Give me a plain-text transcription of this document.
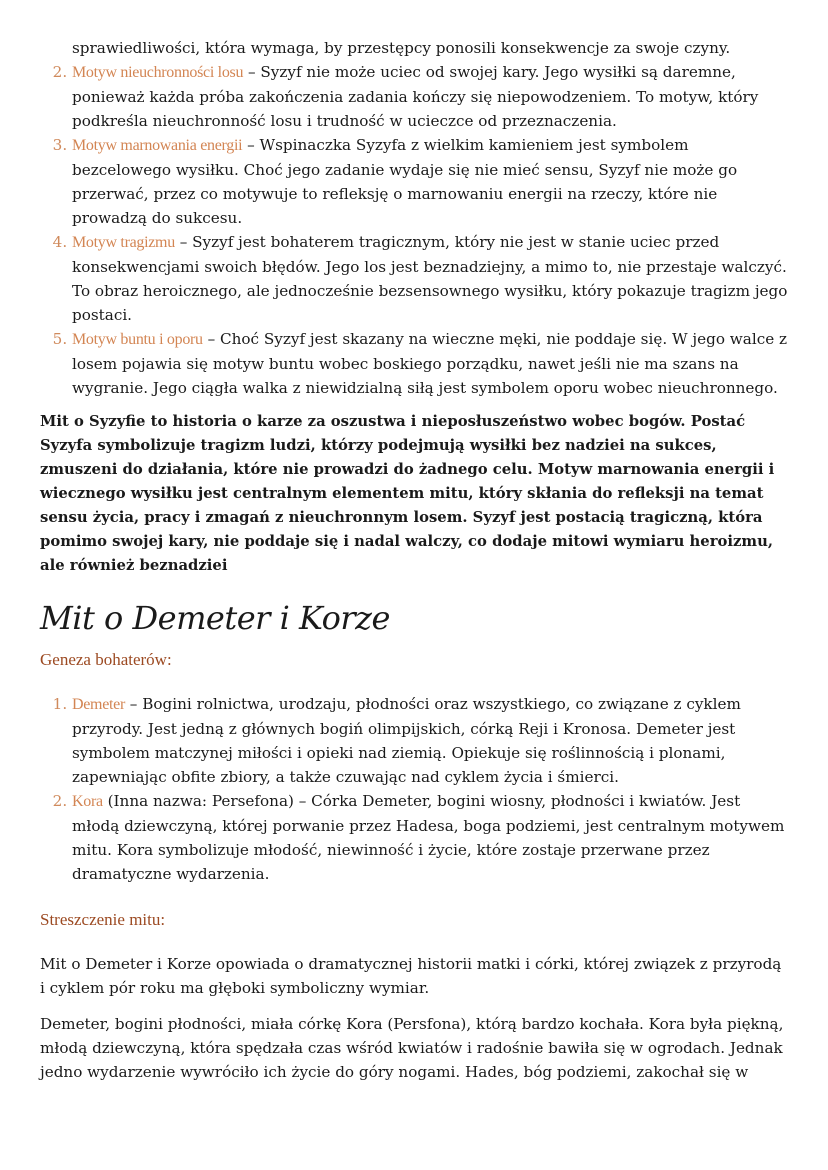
sprawiedliwości, która wymaga, by przestępcy ponosili konsekwencje za swoje czyny.

2. Motyw nieuchronności losu – Syzyf nie może uciec od swojej kary. Jego wysiłki są daremne, ponieważ każda próba zakończenia zadania kończy się niepowodzeniem. To motyw, który podkreśla nieuchronność losu i trudność w ucieczce od przeznaczenia.
3. Motyw marnowania energii – Wspinaczka Syzyfa z wielkim kamieniem jest symbolem bezcelowego wysiłku. Choć jego zadanie wydaje się nie mieć sensu, Syzyf nie może go przerwać, przez co motywuje to refleksję o marnowaniu energii na rzeczy, które nie prowadzą do sukcesu.
4. Motyw tragizmu – Syzyf jest bohaterem tragicznym, który nie jest w stanie uciec przed konsekwencjami swoich błędów. Jego los jest beznadziejny, a mimo to, nie przestaje walczyć. To obraz heroicznego, ale jednocześnie bezsensownego wysiłku, który pokazuje tragizm jego postaci.
5. Motyw buntu i oporu – Choć Syzyf jest skazany na wieczne męki, nie poddaje się. W jego walce z losem pojawia się motyw buntu wobec boskiego porządku, nawet jeśli nie ma szans na wygranie. Jego ciągła walka z niewidzialną siłą jest symbolem oporu wobec nieuchronnego.

Mit o Syzyfie to historia o karze za oszustwa i nieposłuszeństwo wobec bogów. Postać Syzyfa symbolizuje tragizm ludzi, którzy podejmują wysiłki bez nadziei na sukces, zmuszeni do działania, które nie prowadzi do żadnego celu. Motyw marnowania energii i wiecznego wysiłku jest centralnym elementem mitu, który skłania do refleksji na temat sensu życia, pracy i zmagań z nieuchronnym losem. Syzyf jest postacią tragiczną, która pomimo swojej kary, nie poddaje się i nadal walczy, co dodaje mitowi wymiaru heroizmu, ale również beznadziei

Mit o Demeter i Korze
Geneza bohaterów:
1. Demeter – Bogini rolnictwa, urodzaju, płodności oraz wszystkiego, co związane z cyklem przyrody. Jest jedną z głównych bogiń olimpijskich, córką Reji i Kronosa. Demeter jest symbolem matczynej miłości i opieki nad ziemią. Opiekuje się roślinnością i plonami, zapewniając obfite zbiory, a także czuwając nad cyklem życia i śmierci.
2. Kora (Inna nazwa: Persefona) – Córka Demeter, bogini wiosny, płodności i kwiatów. Jest młodą dziewczyną, której porwanie przez Hadesa, boga podziemi, jest centralnym motywem mitu. Kora symbolizuje młodość, niewinność i życie, które zostaje przerwane przez dramatyczne wydarzenia.
Streszczenie mitu:

Mit o Demeter i Korze opowiada o dramatycznej historii matki i córki, której związek z przyrodą i cyklem pór roku ma głęboki symboliczny wymiar.

Demeter, bogini płodności, miała córkę Kora (Persfona), którą bardzo kochała. Kora była piękną, młodą dziewczyną, która spędzała czas wśród kwiatów i radośnie bawiła się w ogrodach. Jednak jedno wydarzenie wywróciło ich życie do góry nogami. Hades, bóg podziemi, zakochał się w
